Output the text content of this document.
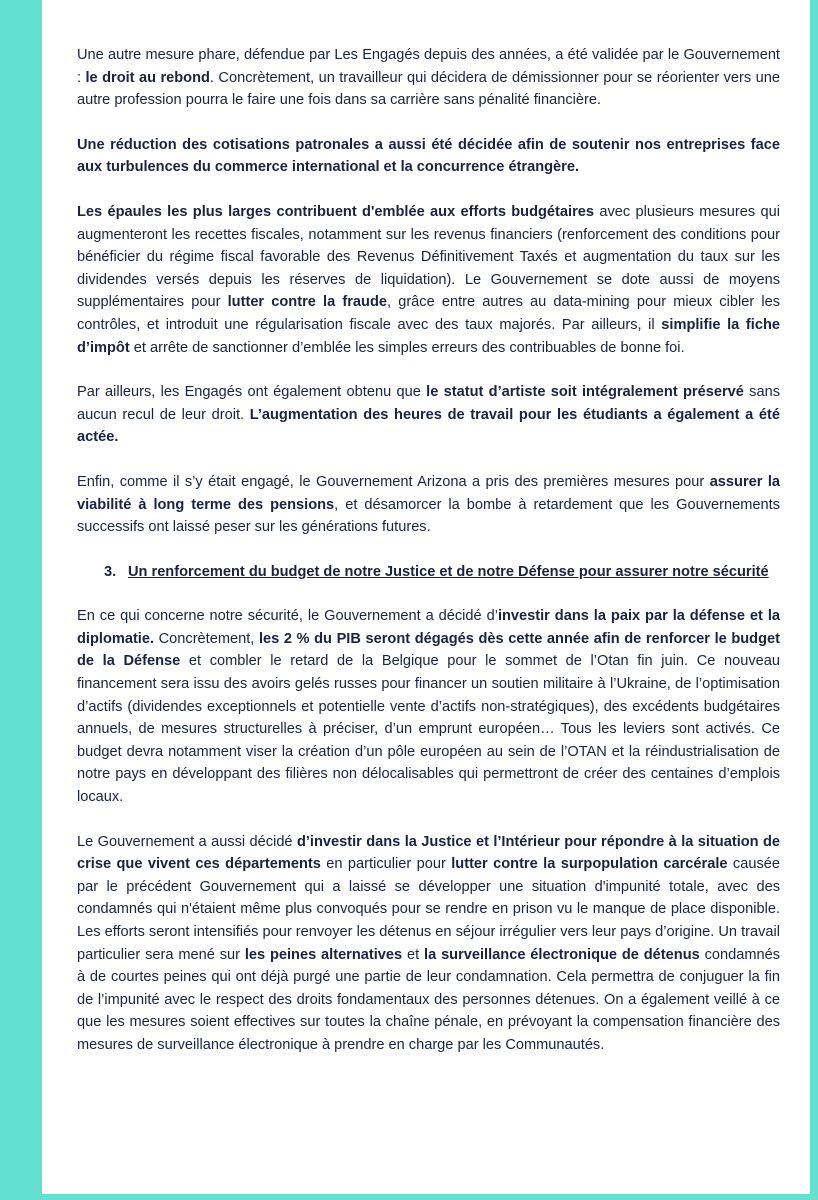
Une autre mesure phare, défendue par Les Engagés depuis des années, a été validée par le Gouvernement : le droit au rebond. Concrètement, un travailleur qui décidera de démissionner pour se réorienter vers une autre profession pourra le faire une fois dans sa carrière sans pénalité financière.

Une réduction des cotisations patronales a aussi été décidée afin de soutenir nos entreprises face aux turbulences du commerce international et la concurrence étrangère.

Les épaules les plus larges contribuent d'emblée aux efforts budgétaires avec plusieurs mesures qui augmenteront les recettes fiscales, notamment sur les revenus financiers (renforcement des conditions pour bénéficier du régime fiscal favorable des Revenus Définitivement Taxés et augmentation du taux sur les dividendes versés depuis les réserves de liquidation). Le Gouvernement se dote aussi de moyens supplémentaires pour lutter contre la fraude, grâce entre autres au data-mining pour mieux cibler les contrôles, et introduit une régularisation fiscale avec des taux majorés. Par ailleurs, il simplifie la fiche d’impôt et arrête de sanctionner d’emblée les simples erreurs des contribuables de bonne foi.

Par ailleurs, les Engagés ont également obtenu que le statut d’artiste soit intégralement préservé sans aucun recul de leur droit. L’augmentation des heures de travail pour les étudiants a également a été actée.

Enfin, comme il s’y était engagé, le Gouvernement Arizona a pris des premières mesures pour assurer la viabilité à long terme des pensions, et désamorcer la bombe à retardement que les Gouvernements successifs ont laissé peser sur les générations futures.

3. Un renforcement du budget de notre Justice et de notre Défense pour assurer notre sécurité

En ce qui concerne notre sécurité, le Gouvernement a décidé d’investir dans la paix par la défense et la diplomatie. Concrètement, les 2 % du PIB seront dégagés dès cette année afin de renforcer le budget de la Défense et combler le retard de la Belgique pour le sommet de l’Otan fin juin. Ce nouveau financement sera issu des avoirs gelés russes pour financer un soutien militaire à l’Ukraine, de l’optimisation d’actifs (dividendes exceptionnels et potentielle vente d’actifs non-stratégiques), des excédents budgétaires annuels, de mesures structurelles à préciser, d’un emprunt européen… Tous les leviers sont activés. Ce budget devra notamment viser la création d’un pôle européen au sein de l’OTAN et la réindustrialisation de notre pays en développant des filières non délocalisables qui permettront de créer des centaines d’emplois locaux.

Le Gouvernement a aussi décidé d’investir dans la Justice et l’Intérieur pour répondre à la situation de crise que vivent ces départements en particulier pour lutter contre la surpopulation carcérale causée par le précédent Gouvernement qui a laissé se développer une situation d'impunité totale, avec des condamnés qui n'étaient même plus convoqués pour se rendre en prison vu le manque de place disponible. Les efforts seront intensifiés pour renvoyer les détenus en séjour irrégulier vers leur pays d’origine. Un travail particulier sera mené sur les peines alternatives et la surveillance électronique de détenus condamnés à de courtes peines qui ont déjà purgé une partie de leur condamnation. Cela permettra de conjuguer la fin de l’impunité avec le respect des droits fondamentaux des personnes détenues. On a également veillé à ce que les mesures soient effectives sur toutes la chaîne pénale, en prévoyant la compensation financière des mesures de surveillance électronique à prendre en charge par les Communautés.
